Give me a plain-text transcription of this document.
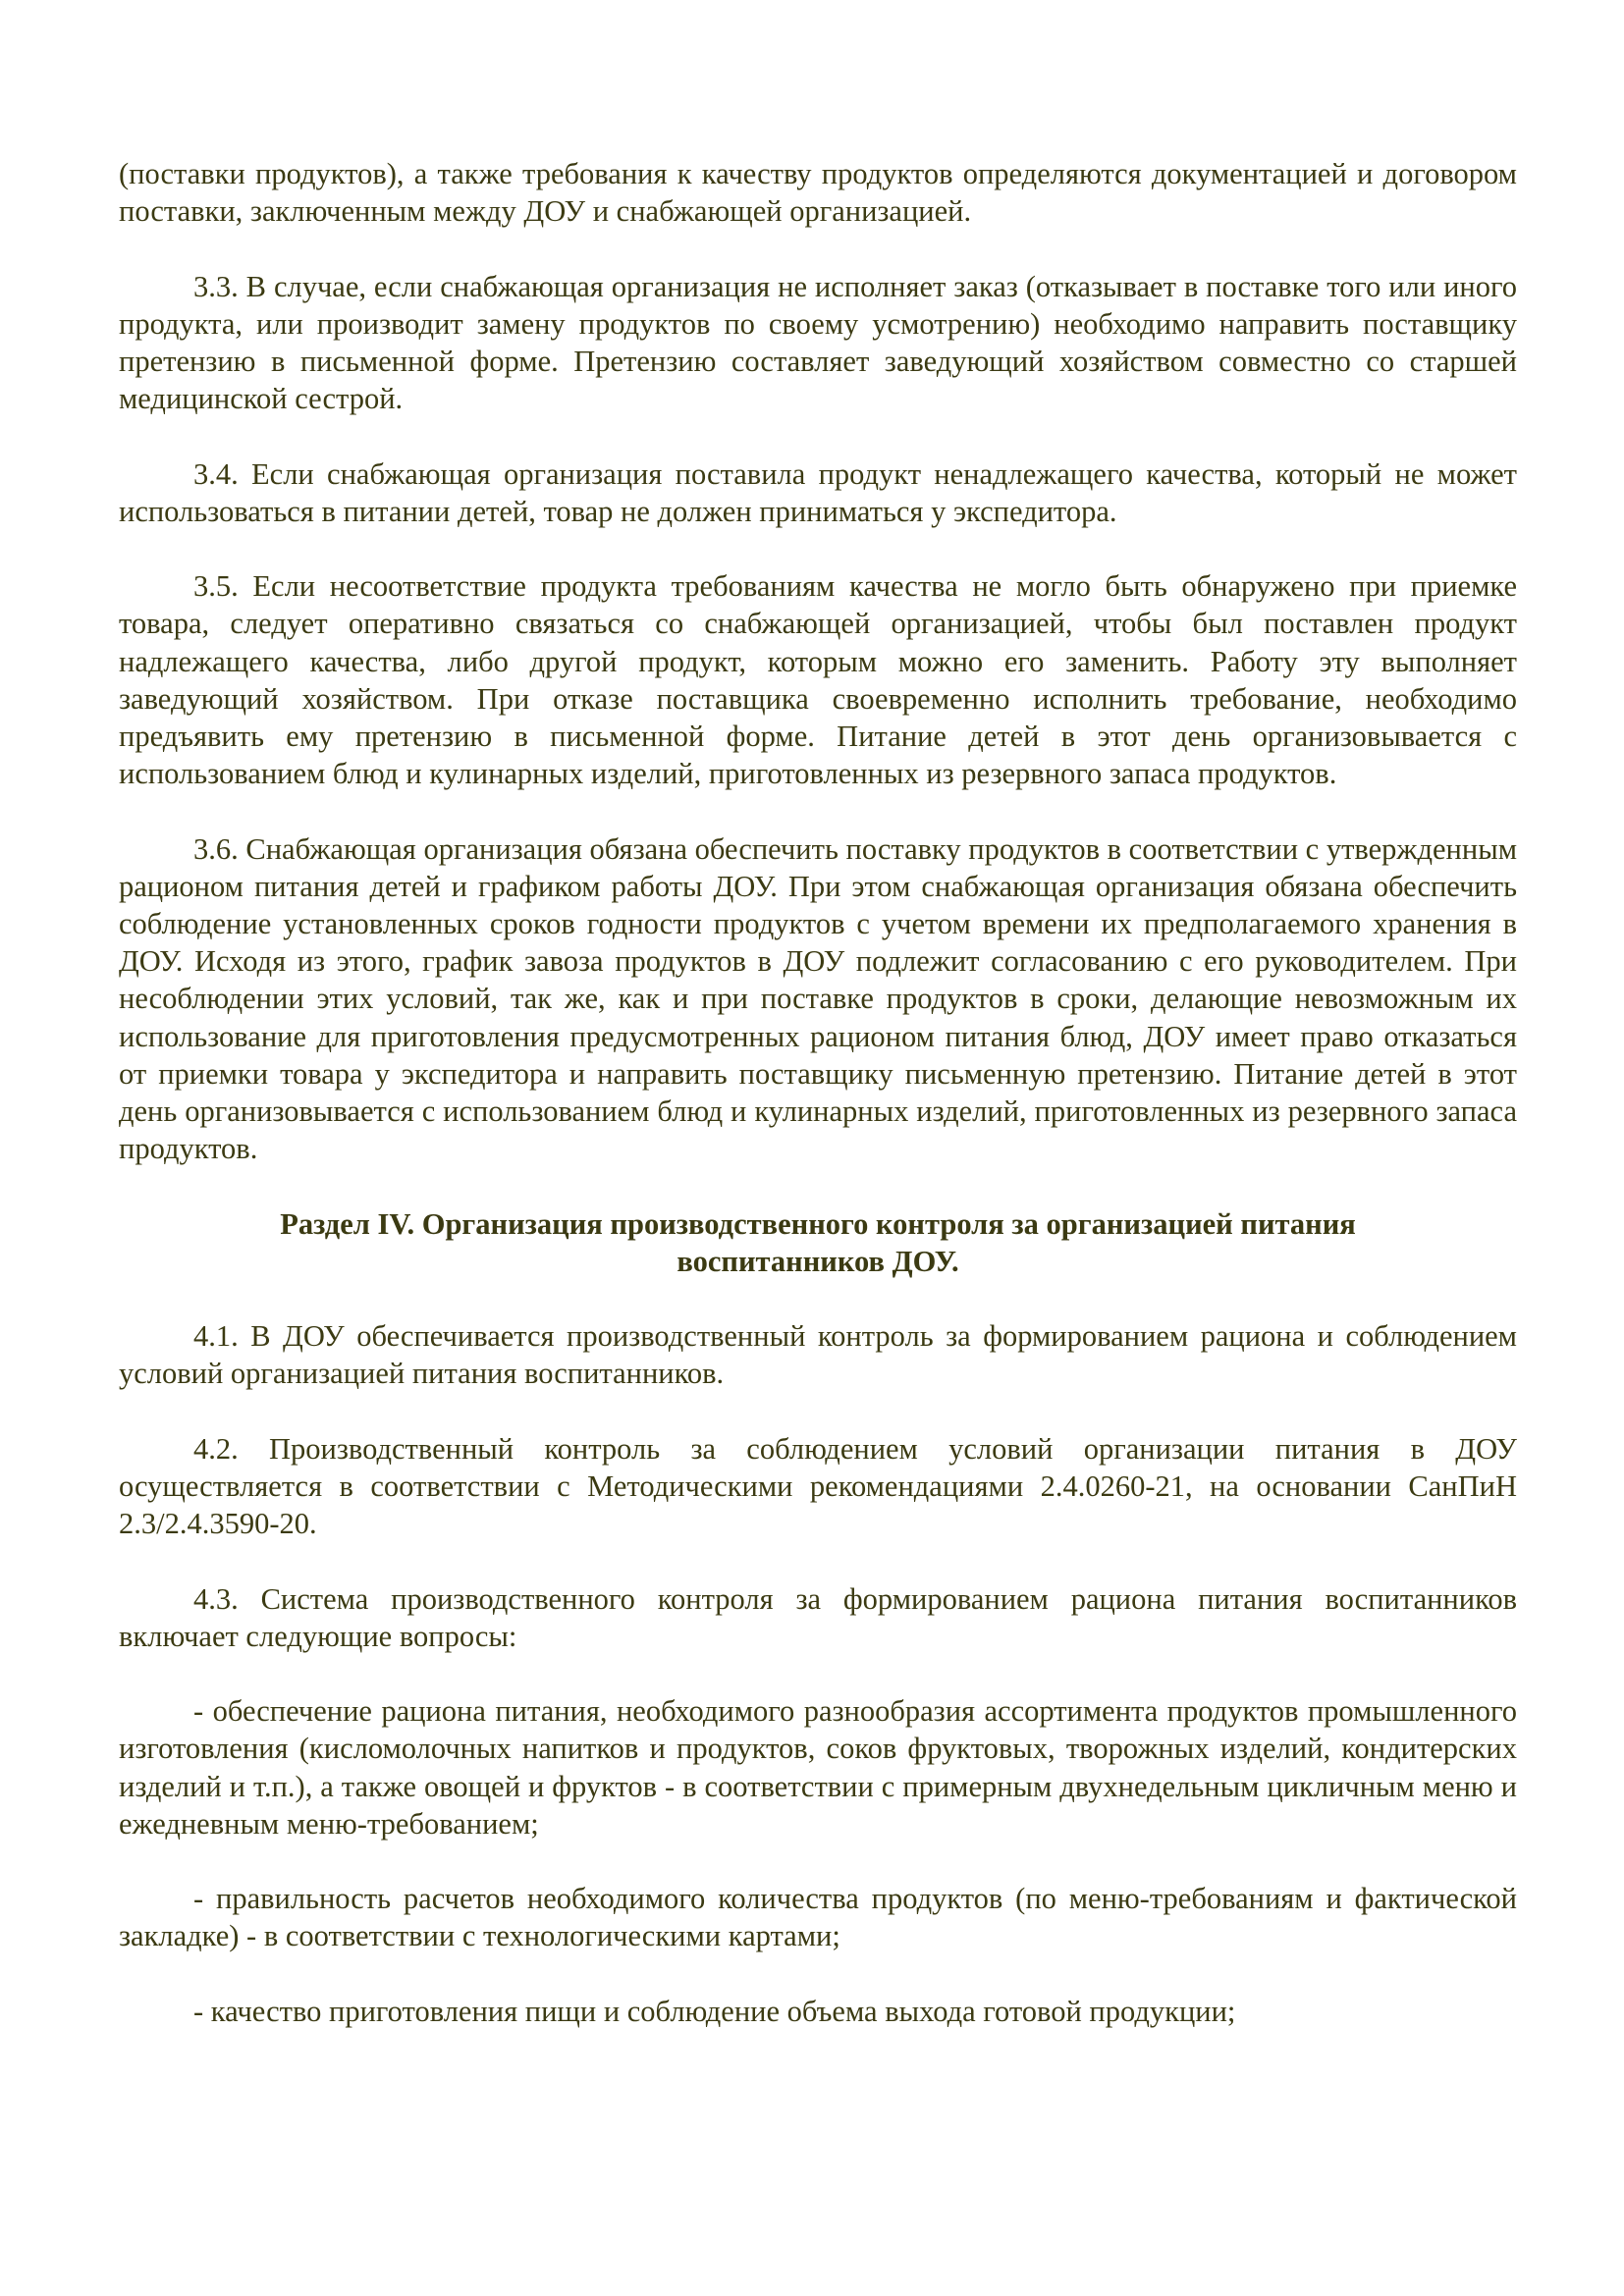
(поставки продуктов), а также требования к качеству продуктов определяются документацией и договором поставки, заключенным между ДОУ и снабжающей организацией.

3.3. В случае, если снабжающая организация не исполняет заказ (отказывает в поставке того или иного продукта, или производит замену продуктов по своему усмотрению) необходимо направить поставщику претензию в письменной форме. Претензию составляет заведующий хозяйством совместно со старшей медицинской сестрой.

3.4. Если снабжающая организация поставила продукт ненадлежащего качества, который не может использоваться в питании детей, товар не должен приниматься у экспедитора.

3.5. Если несоответствие продукта требованиям качества не могло быть обнаружено при приемке товара, следует оперативно связаться со снабжающей организацией, чтобы был поставлен продукт надлежащего качества, либо другой продукт, которым можно его заменить. Работу эту выполняет заведующий хозяйством. При отказе поставщика своевременно исполнить требование, необходимо предъявить ему претензию в письменной форме. Питание детей в этот день организовывается с использованием блюд и кулинарных изделий, приготовленных из резервного запаса продуктов.

3.6. Снабжающая организация обязана обеспечить поставку продуктов в соответствии с утвержденным рационом питания детей и графиком работы ДОУ. При этом снабжающая организация обязана обеспечить соблюдение установленных сроков годности продуктов с учетом времени их предполагаемого хранения в ДОУ. Исходя из этого, график завоза продуктов в ДОУ подлежит согласованию с его руководителем. При несоблюдении этих условий, так же, как и при поставке продуктов в сроки, делающие невозможным их использование для приготовления предусмотренных рационом питания блюд, ДОУ имеет право отказаться от приемки товара у экспедитора и направить поставщику письменную претензию. Питание детей в этот день организовывается с использованием блюд и кулинарных изделий, приготовленных из резервного запаса продуктов.

Раздел IV. Организация производственного контроля за организацией питания
воспитанников ДОУ.

4.1. В ДОУ обеспечивается производственный контроль за формированием рациона и соблюдением условий организацией питания воспитанников.

4.2. Производственный контроль за соблюдением условий организации питания в ДОУ осуществляется в соответствии с Методическими рекомендациями 2.4.0260-21, на основании СанПиН 2.3/2.4.3590-20.

4.3. Система производственного контроля за формированием рациона питания воспитанников включает следующие вопросы:

- обеспечение рациона питания, необходимого разнообразия ассортимента продуктов промышленного изготовления (кисломолочных напитков и продуктов, соков фруктовых, творожных изделий, кондитерских изделий и т.п.), а также овощей и фруктов - в соответствии с примерным двухнедельным цикличным меню и ежедневным меню-требованием;

- правильность расчетов необходимого количества продуктов (по меню-требованиям и фактической закладке) - в соответствии с технологическими картами;

- качество приготовления пищи и соблюдение объема выхода готовой продукции;
